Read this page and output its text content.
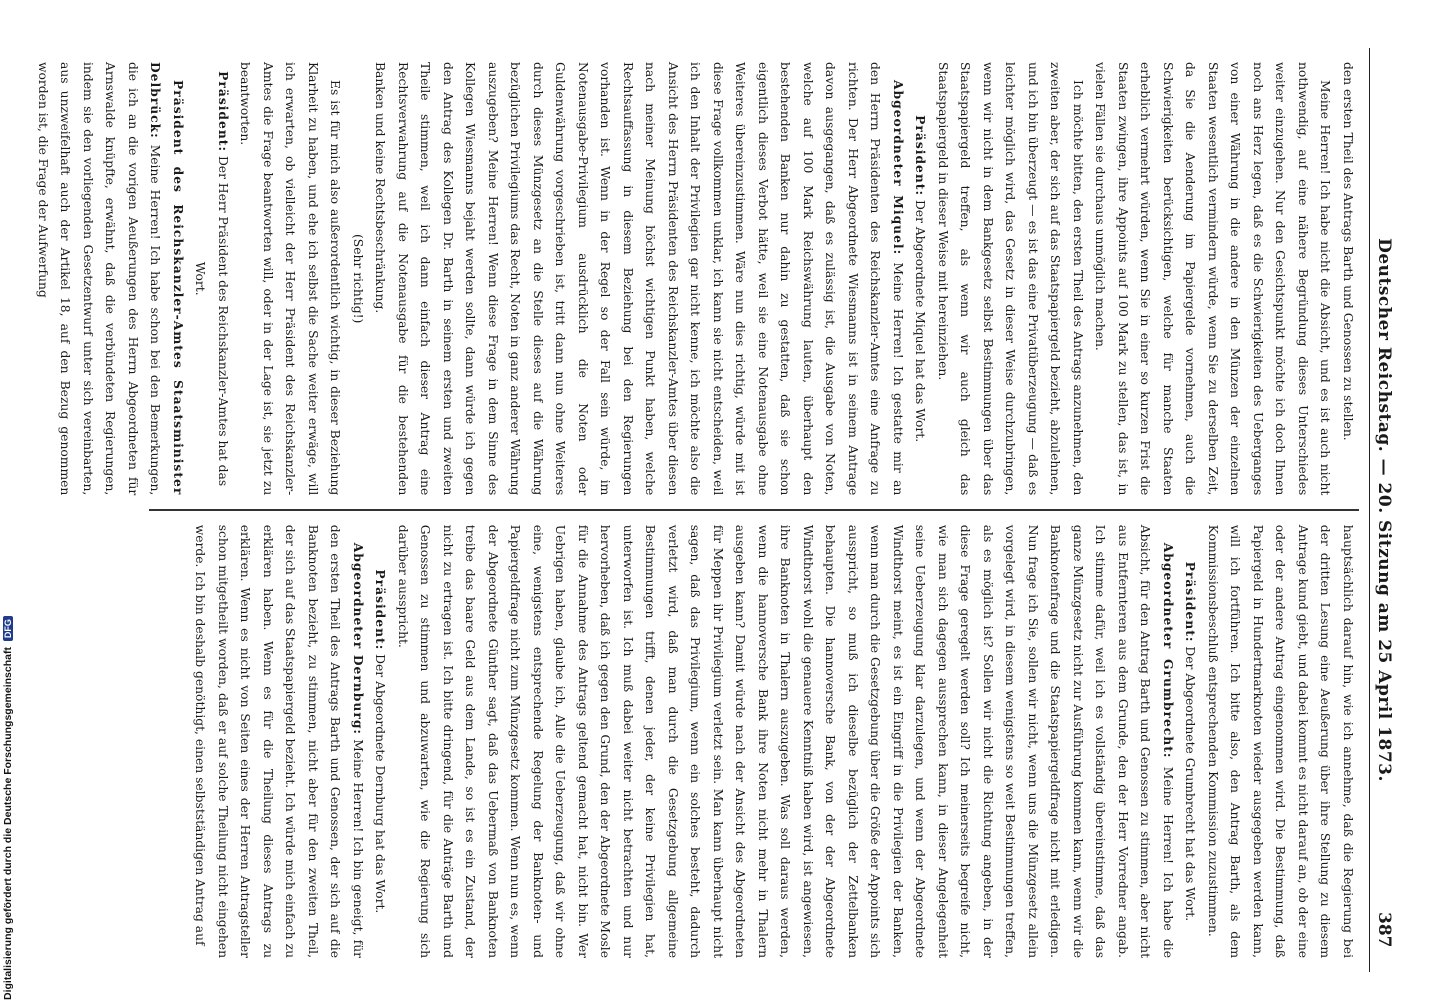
Deutscher Reichstag. — 20. Sitzung am 25 April 1873.
387

den ersten Theil des Antrags Barth und Genossen zu stellen.

Meine Herren! Ich habe nicht die Absicht, und es ist auch nicht nothwendig, auf eine nähere Begründung dieses Unterschiedes weiter einzugehen. Nur den Gesichtspunkt möchte ich doch Ihnen noch ans Herz legen, daß es die Schwierigkeiten des Ueberganges von einer Währung in die andere in den Münzen der einzelnen Staaten wesentlich vermindern würde, wenn Sie zu derselben Zeit, da Sie die Aenderung im Papiergelde vornehmen, auch die Schwierigkeiten berücksichtigen, welche für manche Staaten erheblich vermehrt würden, wenn Sie in einer so kurzen Frist die Staaten zwingen, ihre Appoints auf 100 Mark zu stellen, das ist, in vielen Fällen sie durchaus unmöglich machen.

Ich möchte bitten, den ersten Theil des Antrags anzunehmen, den zweiten aber, der sich auf das Staatspapiergeld bezieht, abzulehnen, und ich bin überzeugt — es ist das eine Privatüberzeugung — daß es leichter möglich wird, das Gesetz in dieser Weise durchzubringen, wenn wir nicht in dem Bankgesetz selbst Bestimmungen über das Staatspapiergeld treffen, als wenn wir auch gleich das Staatspapiergeld in dieser Weise mit hereinziehen.

Präsident: Der Abgeordnete Miquel hat das Wort.

Abgeordneter Miquel: Meine Herren! Ich gestatte mir an den Herrn Präsidenten des Reichskanzler-Amtes eine Anfrage zu richten. Der Herr Abgeordnete Wiesmanns ist in seinem Antrage davon ausgegangen, daß es zulässig ist, die Ausgabe von Noten, welche auf 100 Mark Reichswährung lauten, überhaupt den bestehenden Banken nur dahin zu gestatten, daß sie schon eigentlich dieses Verbot hätte, weil sie eine Notenausgabe ohne Weiteres übereinzustimmen. Wäre nun dies richtig, würde mit ist diese Frage vollkommen unklar, ich kann sie nicht entscheiden, weil ich den Inhalt der Privilegien gar nicht kenne, ich möchte also die Ansicht des Herrn Präsidenten des Reichskanzler-Amtes über diesen nach meiner Meinung höchst wichtigen Punkt haben, welche Rechtsauffassung in diesem Beziehung bei den Regierungen vorhanden ist. Wenn in der Regel so der Fall sein würde, im Notenausgabe-Privilegium ausdrücklich die Noten oder Guldenwährung vorgeschrieben ist, tritt dann nun ohne Weiteres durch dieses Münzgesetz an die Stelle dieses auf die Währung bezüglichen Privilegiums das Recht, Noten in ganz anderer Währung auszugeben? Meine Herren! Wenn diese Frage in dem Sinne des Kollegen Wiesmanns bejaht werden sollte, dann würde ich gegen den Antrag des Kollegen Dr. Barth in seinem ersten und zweiten Theile stimmen, weil ich dann einfach dieser Antrag eine Rechtsverwahrung auf die Notenausgabe für die bestehenden Banken und keine Rechtsbeschränkung.

(Sehr richtig!)

Es ist für mich also außerordentlich wichtig, in dieser Beziehung Klarheit zu haben, und ehe ich selbst die Sache weiter erwäge, will ich erwarten, ob vielleicht der Herr Präsident des Reichskanzler-Amtes die Frage beantworten will, oder in der Lage ist, sie jetzt zu beantworten.

Präsident: Der Herr Präsident des Reichskanzler-Amtes hat das Wort.

Präsident des Reichskanzler-Amtes Staatsminister Delbrück: Meine Herren! Ich habe schon bei den Bemerkungen, die ich an die vorigen Aeußerungen des Herrn Abgeordneten für Arnswalde knüpfte, erwähnt, daß die verbündeten Regierungen, indem sie den vorliegenden Gesetzentwurf unter sich vereinbarten, aus unzweifelhaft auch der Artikel 18, auf den Bezug genommen worden ist, die Frage der Aufwerfung

hauptsächlich darauf hin, wie ich annehme, daß die Regierung bei der dritten Lesung eine Aeußerung über ihre Stellung zu diesem Antrage kund giebt, und dabei kommt es nicht darauf an, ob der eine oder der andere Antrag eingenommen wird. Die Bestimmung, daß Papiergeld in Hundertmarknoten wieder ausgegeben werden kann, will ich fortführen. Ich bitte also, den Antrag Barth, als dem Kommissionsbeschluß entsprechenden Kommission zuzustimmen.

Präsident: Der Abgeordnete Grumbrecht hat das Wort.

Abgeordneter Grumbrecht: Meine Herren! Ich habe die Absicht, für den Antrag Barth und Genossen zu stimmen, aber nicht aus Entfernteren aus dem Grunde, den der Herr Vorredner angab. Ich stimme dafür, weil ich es vollständig übereinstimme, daß das ganze Münzgesetz nicht zur Ausführung kommen kann, wenn wir die Banknotenfrage und die Staatspapiergeldfrage nicht mit erledigen. Nun frage ich Sie, sollen wir nicht, wenn uns die Münzgesetz allein vorgelegt wird, in diesem wenigstens so weit Bestimmungen treffen, als es möglich ist? Sollen wir nicht die Richtung angeben, in der diese Frage geregelt werden soll? Ich meinerseits begreife nicht, wie man sich dagegen aussprechen kann, in dieser Angelegenheit seine Ueberzeugung klar darzulegen, und wenn der Abgeordnete Windthorst meint, es ist ein Eingriff in die Privilegien der Banken, wenn man durch die Gesetzgebung über die Größe der Appoints sich ausspricht, so muß ich dieselbe bezüglich der Zettelbanken behaupten. Die hannoversche Bank, von der der Abgeordnete Windthorst wohl die genauere Kenntniß haben wird, ist angewiesen, ihre Banknoten in Thalern auszugeben. Was soll daraus werden, wenn die hannoversche Bank ihre Noten nicht mehr in Thalern ausgeben kann? Damit würde nach der Ansicht des Abgeordneten für Meppen ihr Privilegium verletzt sein. Man kann überhaupt nicht sagen, daß das Privilegium, wenn ein solches besteht, dadurch verletzt wird, daß man durch die Gesetzgebung allgemeine Bestimmungen trifft, denen jeder, der keine Privilegien hat, unterworfen ist. Ich muß dabei weiter nicht betrachten und nur hervorheben, daß ich gegen den Grund, den der Abgeordnete Mosle für die Annahme des Antrags geltend gemacht hat, nicht bin. Wer Uebrigen haben, glaube ich, Alle die Ueberzeugung, daß wir ohne eine, wenigstens entsprechende Regelung der Banknoten- und Papiergeldfrage nicht zum Münzgesetz kommen. Wenn nun es, wenn der Abgeordnete Günther sagt, daß das Uebermaß von Banknoten treibe das baare Geld aus dem Lande, so ist es ein Zustand, der nicht zu ertragen ist. Ich bitte dringend, für die Anträge Barth und Genossen zu stimmen und abzuwarten, wie die Regierung sich darüber ausspricht.

Präsident: Der Abgeordnete Dernburg hat das Wort.

Abgeordneter Dernburg: Meine Herren! Ich bin geneigt, für den ersten Theil des Antrags Barth und Genossen, der sich auf die Banknoten bezieht, zu stimmen, nicht aber für den zweiten Theil, der sich auf das Staatspapiergeld bezieht. Ich würde mich einfach zu erklären haben. Wenn es für die Theilung dieses Antrags zu erklären. Wenn es nicht von Seiten eines der Herren Antragsteller schon mitgetheilt worden, daß er auf solche Theilung nicht eingehen werde. Ich bin deshalb genöthigt, einen selbstständigen Antrag auf

Digitalisierung gefördert durch die Deutsche Forschungsgemeinschaft DFG
